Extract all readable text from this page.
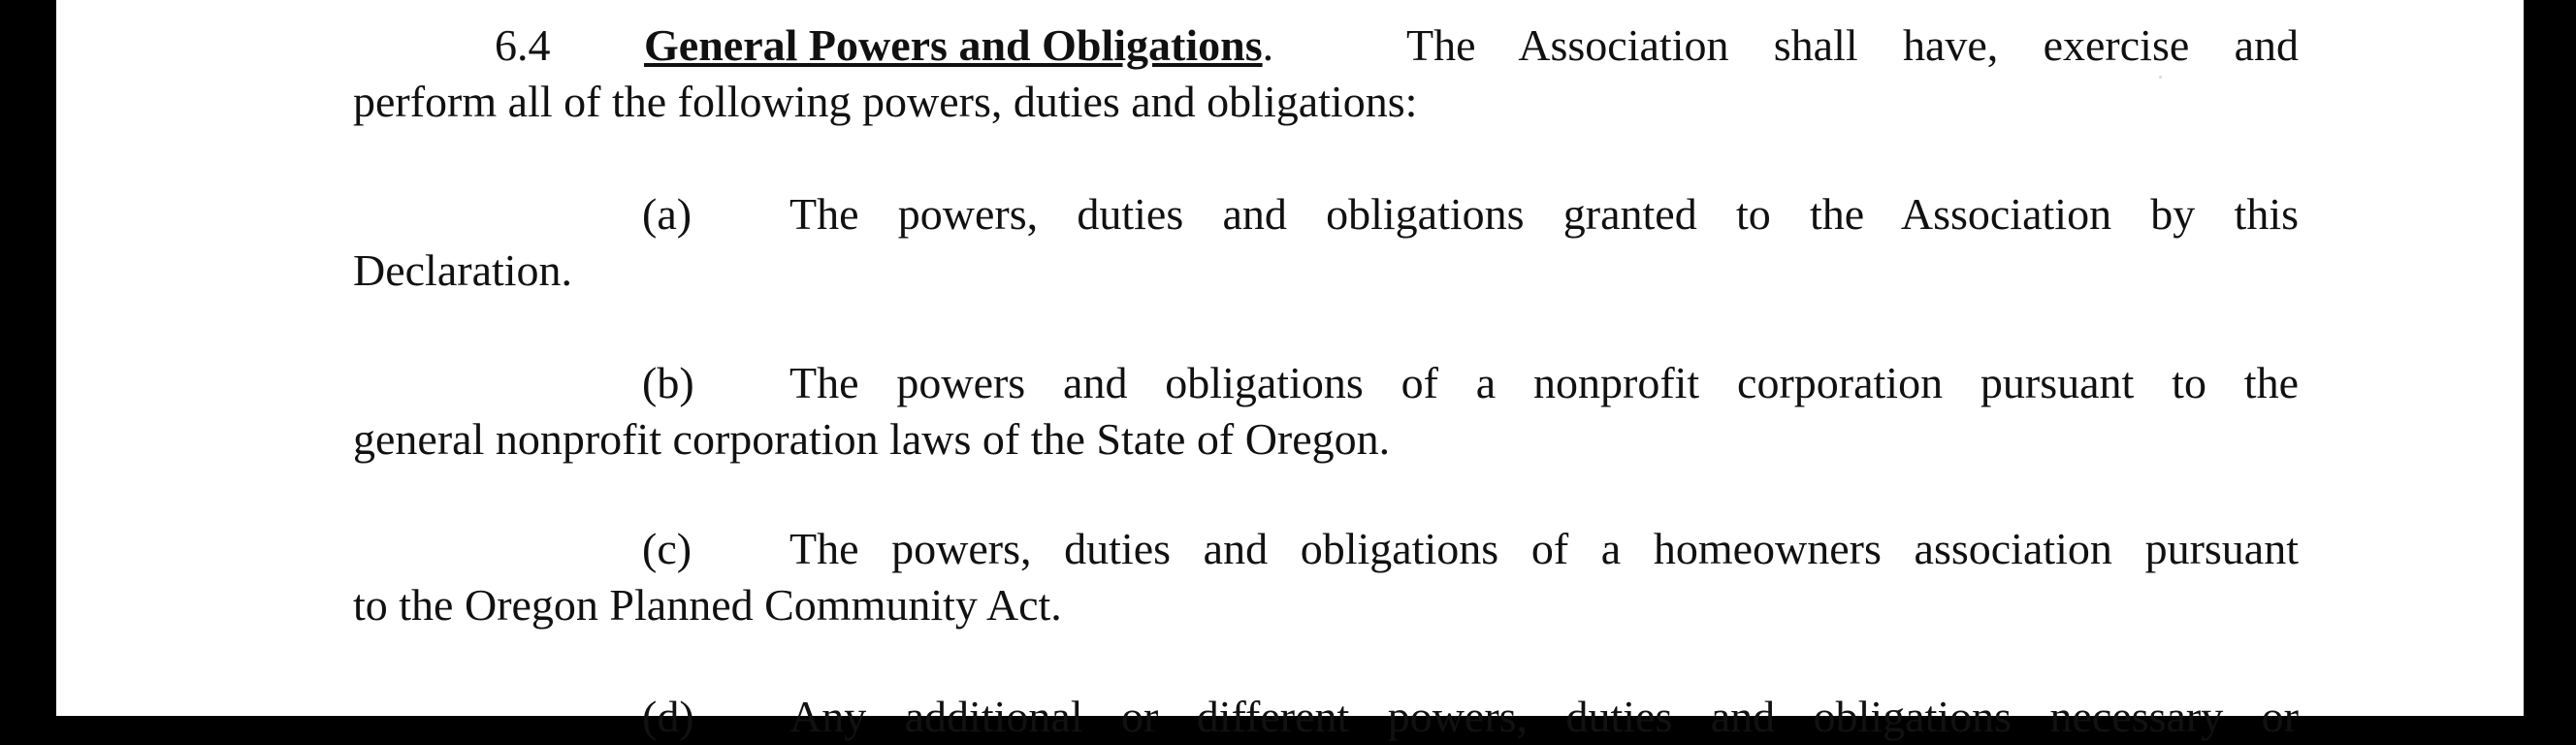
6.4 General Powers and Obligations.	The Association shall have, exercise and
perform all of the following powers, duties and obligations:
(a) The powers, duties and obligations granted to the Association by this
Declaration.
(b) The powers and obligations of a nonprofit corporation pursuant to the
general nonprofit corporation laws of the State of Oregon.
(c) The powers, duties and obligations of a homeowners association pursuant
to the Oregon Planned Community Act.
(d) Any additional or different powers, duties and obligations necessary or
